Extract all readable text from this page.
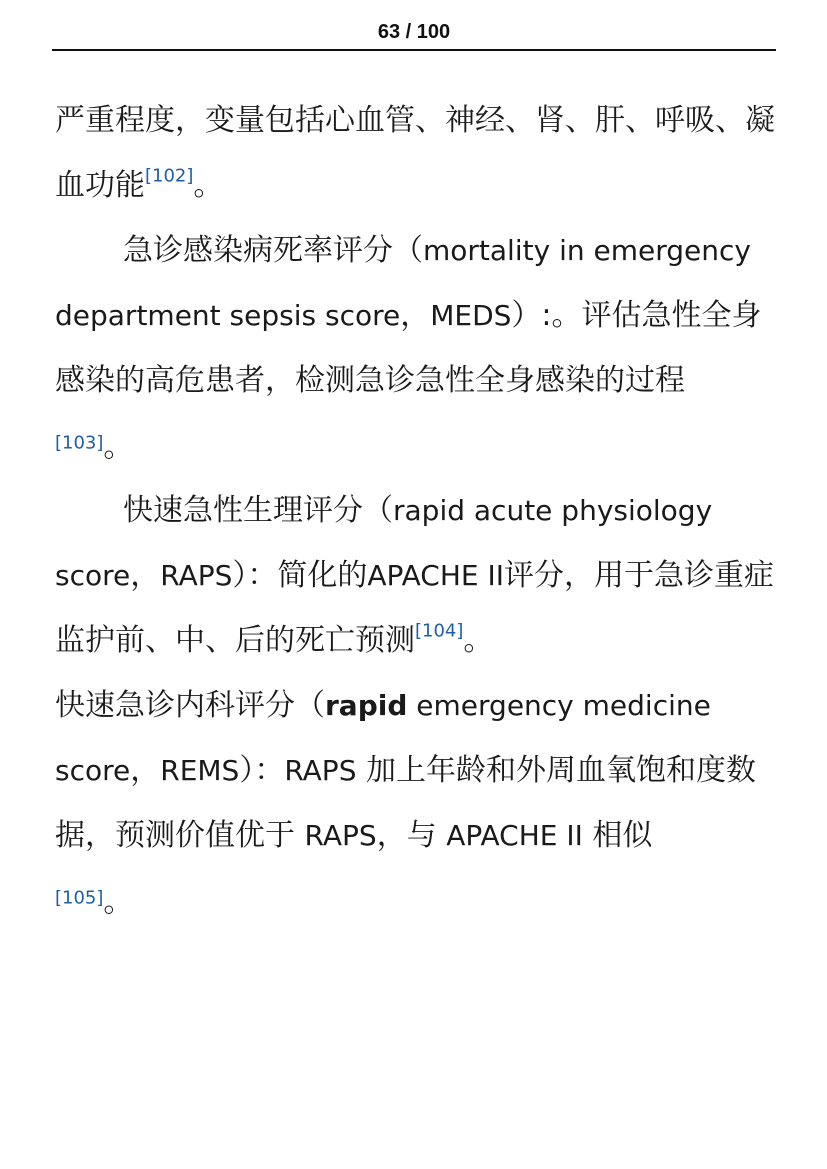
63 / 100

严重程度，变量包括心血管、神经、肾、肝、呼吸、凝血功能[102]。

急诊感染病死率评分（mortality in emergency department sepsis score，MEDS）:。评估急性全身感染的高危患者，检测急诊急性全身感染的过程

[103]。

快速急性生理评分（rapid acute physiology score，RAPS）：简化的APACHE II评分，用于急诊重症监护前、中、后的死亡预测[104]。

快速急诊内科评分（rapid emergency medicine score，REMS）：RAPS 加上年龄和外周血氧饱和度数据，预测价值优于 RAPS，与 APACHE II 相似

[105]。
